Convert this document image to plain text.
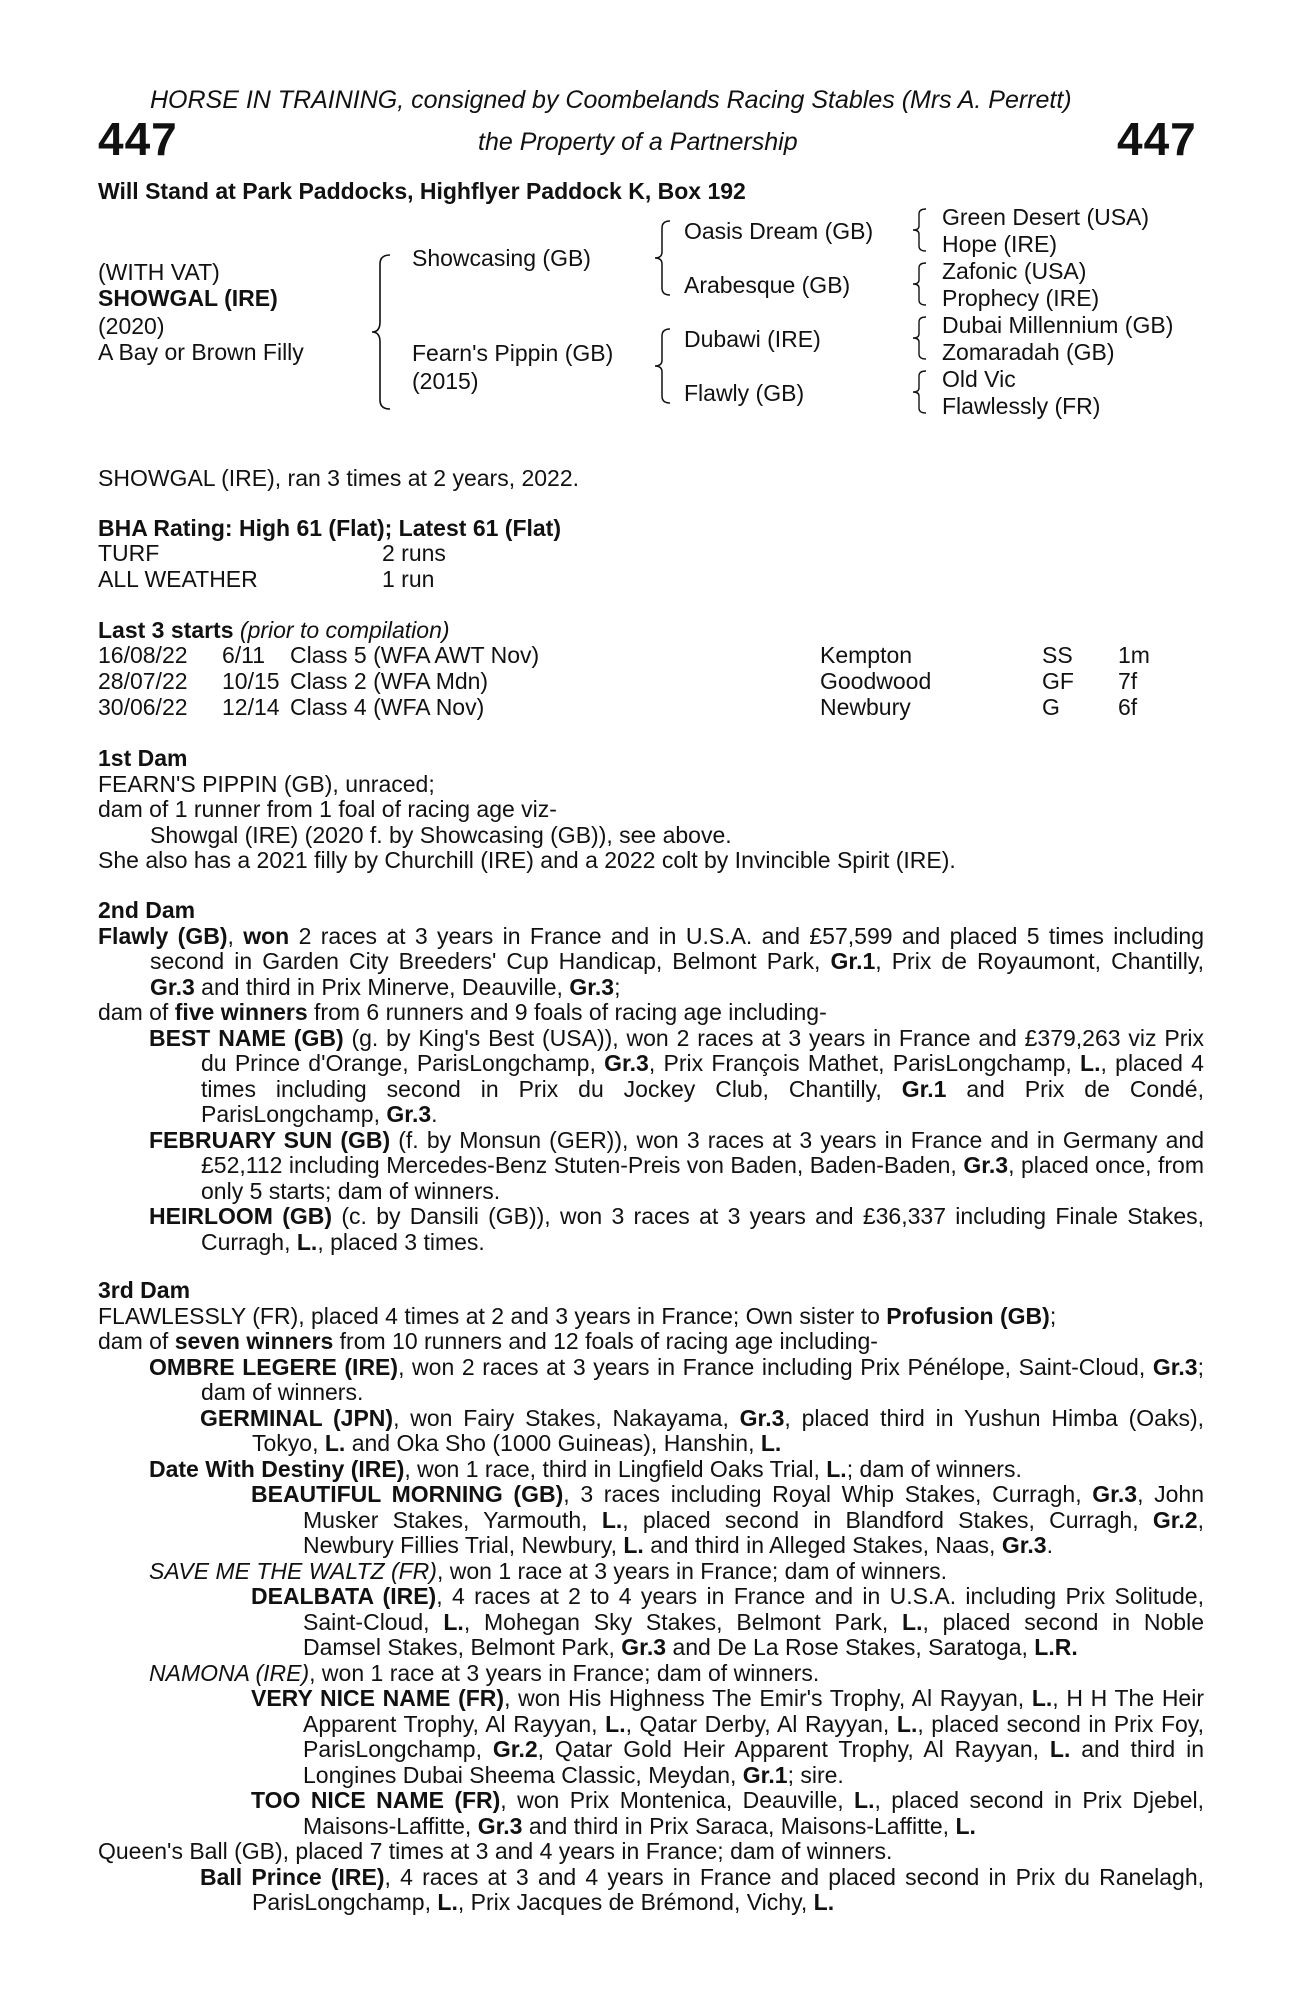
HORSE IN TRAINING, consigned by Coombelands Racing Stables (Mrs A. Perrett)
447	the Property of a Partnership	447
Will Stand at Park Paddocks, Highflyer Paddock K, Box 192
(WITH VAT)
SHOWGAL (IRE)
(2020)
A Bay or Brown Filly
Showcasing (GB)
Fearn's Pippin (GB)
(2015)
Oasis Dream (GB)
Arabesque (GB)
Dubawi (IRE)
Flawly (GB)
Green Desert (USA)
Hope (IRE)
Zafonic (USA)
Prophecy (IRE)
Dubai Millennium (GB)
Zomaradah (GB)
Old Vic
Flawlessly (FR)
SHOWGAL (IRE), ran 3 times at 2 years, 2022.
BHA Rating: High 61 (Flat); Latest 61 (Flat)
TURF	2 runs
ALL WEATHER	1 run
Last 3 starts (prior to compilation)
16/08/22 6/11 Class 5 (WFA AWT Nov)	Kempton	SS 1m
28/07/22 10/15 Class 2 (WFA Mdn)	Goodwood	GF 7f
30/06/22 12/14 Class 4 (WFA Nov)	Newbury	G	6f

1st Dam

FEARN'S PIPPIN (GB), unraced;

dam of 1 runner from 1 foal of racing age viz-

Showgal (IRE) (2020 f. by Showcasing (GB)), see above.

She also has a 2021 filly by Churchill (IRE) and a 2022 colt by Invincible Spirit (IRE).

2nd Dam

Flawly (GB), won 2 races at 3 years in France and in U.S.A. and £57,599 and placed 5 times including second in Garden City Breeders' Cup Handicap, Belmont Park, Gr.1, Prix de Royaumont, Chantilly, Gr.3 and third in Prix Minerve, Deauville, Gr.3;

dam of five winners from 6 runners and 9 foals of racing age including-

BEST NAME (GB) (g. by King's Best (USA)), won 2 races at 3 years in France and £379,263 viz Prix du Prince d'Orange, ParisLongchamp, Gr.3, Prix François Mathet, ParisLongchamp, L., placed 4 times including second in Prix du Jockey Club, Chantilly, Gr.1 and Prix de Condé, ParisLongchamp, Gr.3.

FEBRUARY SUN (GB) (f. by Monsun (GER)), won 3 races at 3 years in France and in Germany and £52,112 including Mercedes-Benz Stuten-Preis von Baden, Baden-Baden, Gr.3, placed once, from only 5 starts; dam of winners.

HEIRLOOM (GB) (c. by Dansili (GB)), won 3 races at 3 years and £36,337 including Finale Stakes, Curragh, L., placed 3 times.

3rd Dam

FLAWLESSLY (FR), placed 4 times at 2 and 3 years in France; Own sister to Profusion (GB);

dam of seven winners from 10 runners and 12 foals of racing age including-

OMBRE LEGERE (IRE), won 2 races at 3 years in France including Prix Pénélope, Saint-Cloud, Gr.3; dam of winners.

GERMINAL (JPN), won Fairy Stakes, Nakayama, Gr.3, placed third in Yushun Himba (Oaks), Tokyo, L. and Oka Sho (1000 Guineas), Hanshin, L.

Date With Destiny (IRE), won 1 race, third in Lingfield Oaks Trial, L.; dam of winners.

BEAUTIFUL MORNING (GB), 3 races including Royal Whip Stakes, Curragh, Gr.3, John Musker Stakes, Yarmouth, L., placed second in Blandford Stakes, Curragh, Gr.2, Newbury Fillies Trial, Newbury, L. and third in Alleged Stakes, Naas, Gr.3.

SAVE ME THE WALTZ (FR), won 1 race at 3 years in France; dam of winners.

DEALBATA (IRE), 4 races at 2 to 4 years in France and in U.S.A. including Prix Solitude, Saint-Cloud, L., Mohegan Sky Stakes, Belmont Park, L., placed second in Noble Damsel Stakes, Belmont Park, Gr.3 and De La Rose Stakes, Saratoga, L.R.

NAMONA (IRE), won 1 race at 3 years in France; dam of winners.

VERY NICE NAME (FR), won His Highness The Emir's Trophy, Al Rayyan, L., H H The Heir Apparent Trophy, Al Rayyan, L., Qatar Derby, Al Rayyan, L., placed second in Prix Foy, ParisLongchamp, Gr.2, Qatar Gold Heir Apparent Trophy, Al Rayyan, L. and third in Longines Dubai Sheema Classic, Meydan, Gr.1; sire.

TOO NICE NAME (FR), won Prix Montenica, Deauville, L., placed second in Prix Djebel, Maisons-Laffitte, Gr.3 and third in Prix Saraca, Maisons-Laffitte, L.

Queen's Ball (GB), placed 7 times at 3 and 4 years in France; dam of winners.

Ball Prince (IRE), 4 races at 3 and 4 years in France and placed second in Prix du Ranelagh, ParisLongchamp, L., Prix Jacques de Brémond, Vichy, L.
